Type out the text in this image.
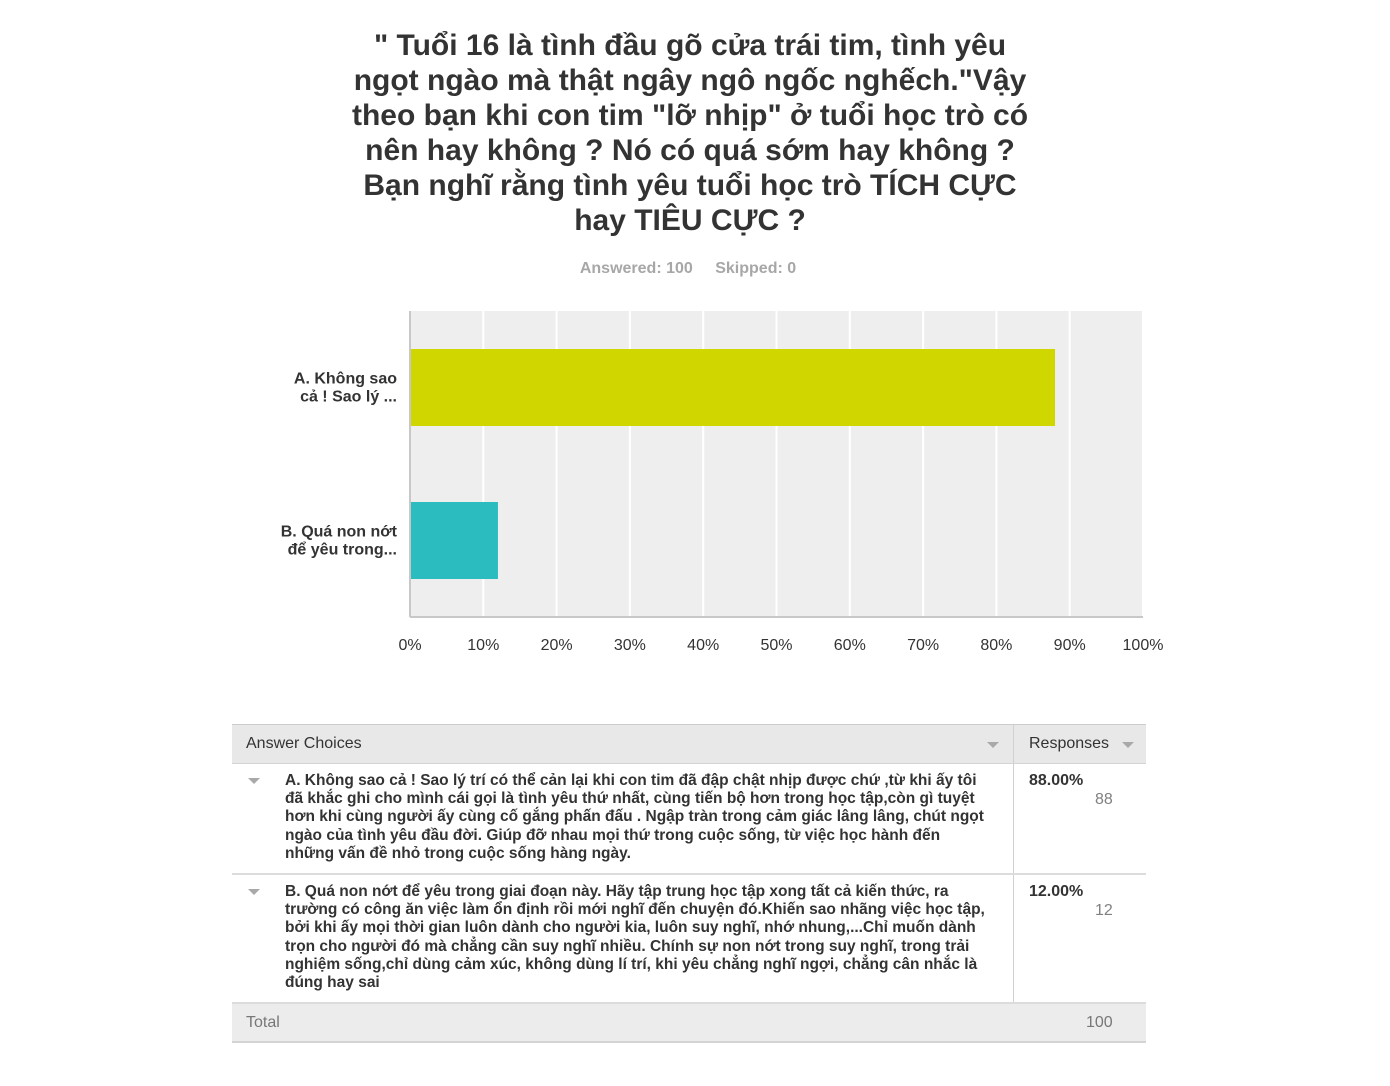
" Tuổi 16 là tình đầu gõ cửa trái tim, tình yêu ngọt ngào mà thật ngây ngô ngốc nghếch."Vậy theo bạn khi con tim "lỡ nhịp" ở tuổi học trò có nên hay không ? Nó có quá sớm hay không ? Bạn nghĩ rằng tình yêu tuổi học trò TÍCH CỰC hay TIÊU CỰC ?
Answered: 100 Skipped: 0
0%	10%	20%	30%	40%	50%	60%	70%	80%	90% 100%
A. Không sao
cả ! Sao lý ...
B. Quá non nớt
để yêu trong...
Answer Choices	Responses
A. Không sao cả ! Sao lý trí có thể cản lại khi con tim đã đập chật nhịp được chứ ,từ khi ấy tôi đã khắc ghi cho mình cái gọi là tình yêu thứ nhất, cùng tiến bộ hơn trong học tập,còn gì tuyệt hơn khi cùng người ấy cùng cố gắng phấn đấu . Ngập tràn trong cảm giác lâng lâng, chút ngọt ngào của tình yêu đầu đời. Giúp đỡ nhau mọi thứ trong cuộc sống, từ việc học hành đến những vấn đề nhỏ trong cuộc sống hàng ngày.
88.00%
88
B. Quá non nớt để yêu trong giai đoạn này. Hãy tập trung học tập xong tất cả kiến thức, ra trường có công ăn việc làm ổn định rồi mới nghĩ đến chuyện đó.Khiến sao nhãng việc học tập, bởi khi ấy mọi thời gian luôn dành cho người kia, luôn suy nghĩ, nhớ nhung,...Chỉ muốn dành trọn cho người đó mà chẳng cần suy nghĩ nhiều. Chính sự non nớt trong suy nghĩ, trong trải nghiệm sống,chỉ dùng cảm xúc, không dùng lí trí, khi yêu chẳng nghĩ ngợi, chẳng cân nhắc là đúng hay sai
12.00%
12
Total	100
